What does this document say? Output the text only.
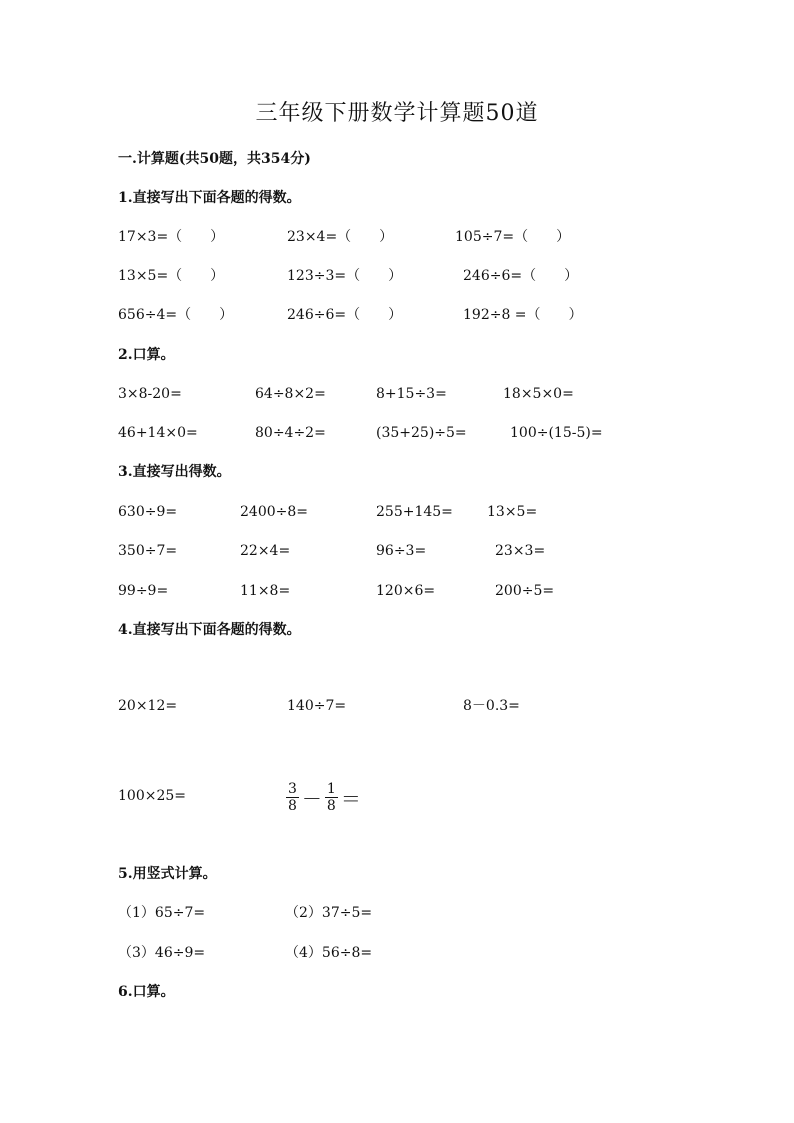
三年级下册数学计算题50道
一.计算题(共50题，共354分)
1.直接写出下面各题的得数。
17×3=（　　）	23×4=（　　）	105÷7=（　　）
13×5=（　　）	123÷3=（　　）	246÷6=（　　）
656÷4=（　　）	246÷6=（　　）	192÷8 =（　　）
2.口算。
3×8-20=	64÷8×2=	8+15÷3=	18×5×0=
46+14×0=	80÷4÷2=	(35+25)÷5=	100÷(15-5)=
3.直接写出得数。
630÷9=	2400÷8=	255+145= 13×5=
350÷7=	22×4=	96÷3=	23×3=
99÷9=	11×8=	120×6=	200÷5=
4.直接写出下面各题的得数。
20×12=	140÷7=	8－0.3=
100×25=	$\frac{3}{8} - \frac{1}{8}$ ＝
5.用竖式计算。
（1）65÷7=	（2）37÷5=
（3）46÷9=	（4）56÷8=
6.口算。
